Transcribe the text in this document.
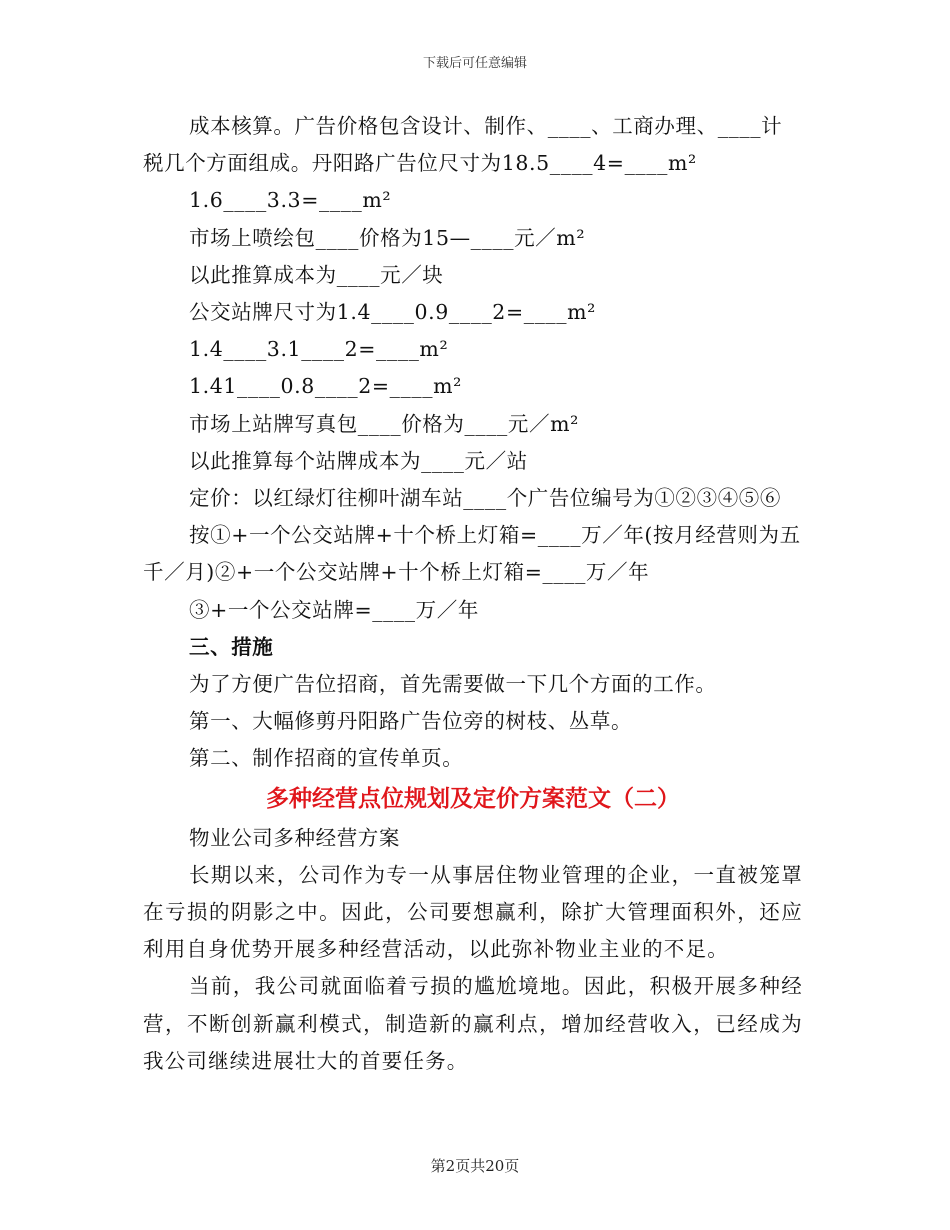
下载后可任意编辑
成本核算。广告价格包含设计、制作、____、工商办理、____计
税几个方面组成。丹阳路广告位尺寸为18.5____4=____m²
1.6____3.3=____m²
市场上喷绘包____价格为15—____元／m²
以此推算成本为____元／块
公交站牌尺寸为1.4____0.9____2=____m²
1.4____3.1____2=____m²
1.41____0.8____2=____m²
市场上站牌写真包____价格为____元／m²
以此推算每个站牌成本为____元／站
定价：以红绿灯往柳叶湖车站____个广告位编号为①②③④⑤⑥
按①+一个公交站牌+十个桥上灯箱=____万／年(按月经营则为五
千／月)②+一个公交站牌+十个桥上灯箱=____万／年
③+一个公交站牌=____万／年
三、措施
为了方便广告位招商，首先需要做一下几个方面的工作。
第一、大幅修剪丹阳路广告位旁的树枝、丛草。
第二、制作招商的宣传单页。
多种经营点位规划及定价方案范文（二）
物业公司多种经营方案
长期以来，公司作为专一从事居住物业管理的企业，一直被笼罩在亏损的阴影之中。因此，公司要想赢利，除扩大管理面积外，还应利用自身优势开展多种经营活动，以此弥补物业主业的不足。
当前，我公司就面临着亏损的尴尬境地。因此，积极开展多种经营，不断创新赢利模式，制造新的赢利点，增加经营收入，已经成为我公司继续进展壮大的首要任务。
第2页共20页
